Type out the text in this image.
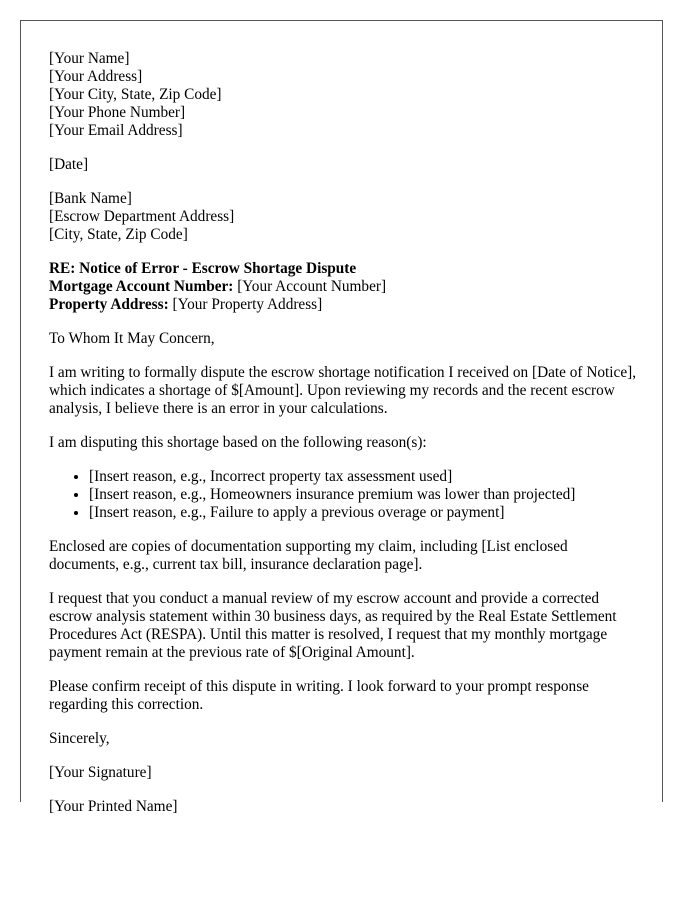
[Your Name]
[Your Address]
[Your City, State, Zip Code]
[Your Phone Number]
[Your Email Address]
[Date]
[Bank Name]
[Escrow Department Address]
[City, State, Zip Code]
RE: Notice of Error - Escrow Shortage Dispute
Mortgage Account Number: [Your Account Number]
Property Address: [Your Property Address]

To Whom It May Concern,

I am writing to formally dispute the escrow shortage notification I received on [Date of Notice], which indicates a shortage of $[Amount]. Upon reviewing my records and the recent escrow analysis, I believe there is an error in your calculations.

I am disputing this shortage based on the following reason(s):

• [Insert reason, e.g., Incorrect property tax assessment used]
• [Insert reason, e.g., Homeowners insurance premium was lower than projected]
• [Insert reason, e.g., Failure to apply a previous overage or payment]

Enclosed are copies of documentation supporting my claim, including [List enclosed documents, e.g., current tax bill, insurance declaration page].

I request that you conduct a manual review of my escrow account and provide a corrected escrow analysis statement within 30 business days, as required by the Real Estate Settlement Procedures Act (RESPA). Until this matter is resolved, I request that my monthly mortgage payment remain at the previous rate of $[Original Amount].

Please confirm receipt of this dispute in writing. I look forward to your prompt response regarding this correction.

Sincerely,

[Your Signature]

[Your Printed Name]
